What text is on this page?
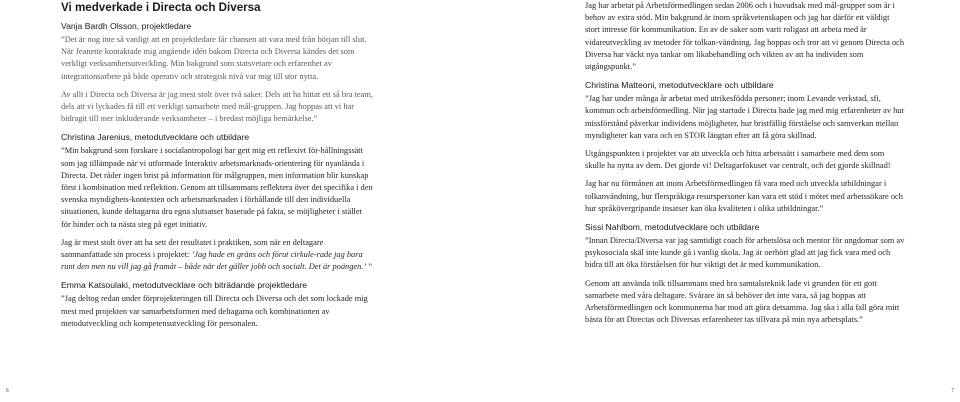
Vi medverkade i Directa och Diversa
Vanja Bardh Olsson, projektledare

”Det är nog inte så vanligt att en projektledare får chansen att vara med från början till slut. När Jeanette kontaktade mig angående idén bakom Directa och Diversa kändes det som verkligt verksamhetsutveckling. Min bakgrund som statsvetare och erfarenhet av integrationsarbete på både operativ och strategisk nivå var mig till stor nytta.

Av allt i Directa och Diversa är jag mest stolt över två saker. Dels att ha hittat ett så bra team, dels att vi lyckades få till ett verkligt samarbete med mål-gruppen. Jag hoppas att vi har bidragit till mer inkluderande verksamheter – i bredast möjliga bemärkelse.”

Christina Jarenius, metodutvecklare och utbildare

”Min bakgrund som forskare i socialantropologi har gett mig ett reflexivt för-hållningssätt som jag tillämpade när vi utformade Interaktiv arbetsmarknads-orientering för nyanlända i Directa. Det råder ingen brist på information för målgruppen, men information blir kunskap först i kombination med reflektion. Genom att tillsammans reflektera över det specifika i den svenska myndighets-kontexten och arbetsmarknaden i förhållande till den individuella situationen, kunde deltagarna dra egna slutsatser baserade på fakta, se möjligheter i stället för hinder och ta nästa steg på eget initiativ.

Jag är mest stolt över att ha sett det resultatet i praktiken, som när en deltagare sammanfattade sin process i projektet: ’Jag hade en gräns och förut cirkule-rade jag bara runt den men nu vill jag gå framåt – både när det gäller jobb och socialt. Det är poängen.’ ”

Emma Katsoulaki, metodutvecklare och biträdande projektledare

”Jag deltog redan under förprojekteringen till Directa och Diversa och det som lockade mig mest med projekten var samarbetsformen med deltagarna och kombinationen av metodutveckling och kompetensutveckling för personalen.

6

Jag har arbetat på Arbetsförmedlingen sedan 2006 och i huvudsak med mål-grupper som är i behov av extra stöd. Min bakgrund är inom språkvetenskapen och jag har därför ett väldigt stort intresse för kommunikation. En av de saker som varit roligast att arbeta med är vidareutveckling av metoder för tolkan-vändning. Jag hoppas och tror att vi genom Directa och Diversa har väckt nya tankar om likabehandling och vikten av att ha individen som utgångspunkt.”

Christina Matteoni, metodutvecklare och utbildare

”Jag har under många år arbetat med utrikesfödda personer; inom Levande verkstad, sfi, kommun och arbetsförmedling. När jag startade i Directa hade jag med mig erfarenheter av hur missförstånd påverkar individens möjligheter, hur bristfällig förståelse och samverkan mellan myndigheter kan vara och en STOR längtan efter att få göra skillnad.

Utgångspunkten i projektet var att utveckla och hitta arbetssätt i samarbete med dem som skulle ha nytta av dem. Det gjorde vi! Deltagarfokuset var centralt, och det gjorde skillnad!

Jag har nu förmånen att inom Arbetsförmedlingen få vara med och utveckla utbildningar i tolkanvändning, hur flerspråkiga resurspersoner kan vara ett stöd i mötet med arbetssökare och hur språkövergripande insatser kan öka kvaliteten i olika utbildningar.”

Sissi Nahlbom, metodutvecklare och utbildare

”Innan Directa/Diversa var jag samtidigt coach för arbetslösa och mentor för ungdomar som av psykosociala skäl inte kunde gå i vanlig skola. Jag är oerhört glad att jag fick vara med och bidra till att öka förståelsen för hur viktigt det är med kommunikation.

Genom att använda tolk tillsammans med bra samtalsteknik lade vi grunden för ett gott samarbete med våra deltagare. Svårare än så behöver det inte vara, så jag hoppas att Arbetsförmedlingen och kommunerna har mod att göra detsamma. Jag ska i alla fall göra mitt bästa för att Directas och Diversas erfarenheter tas tillvara på min nya arbetsplats.”

7
